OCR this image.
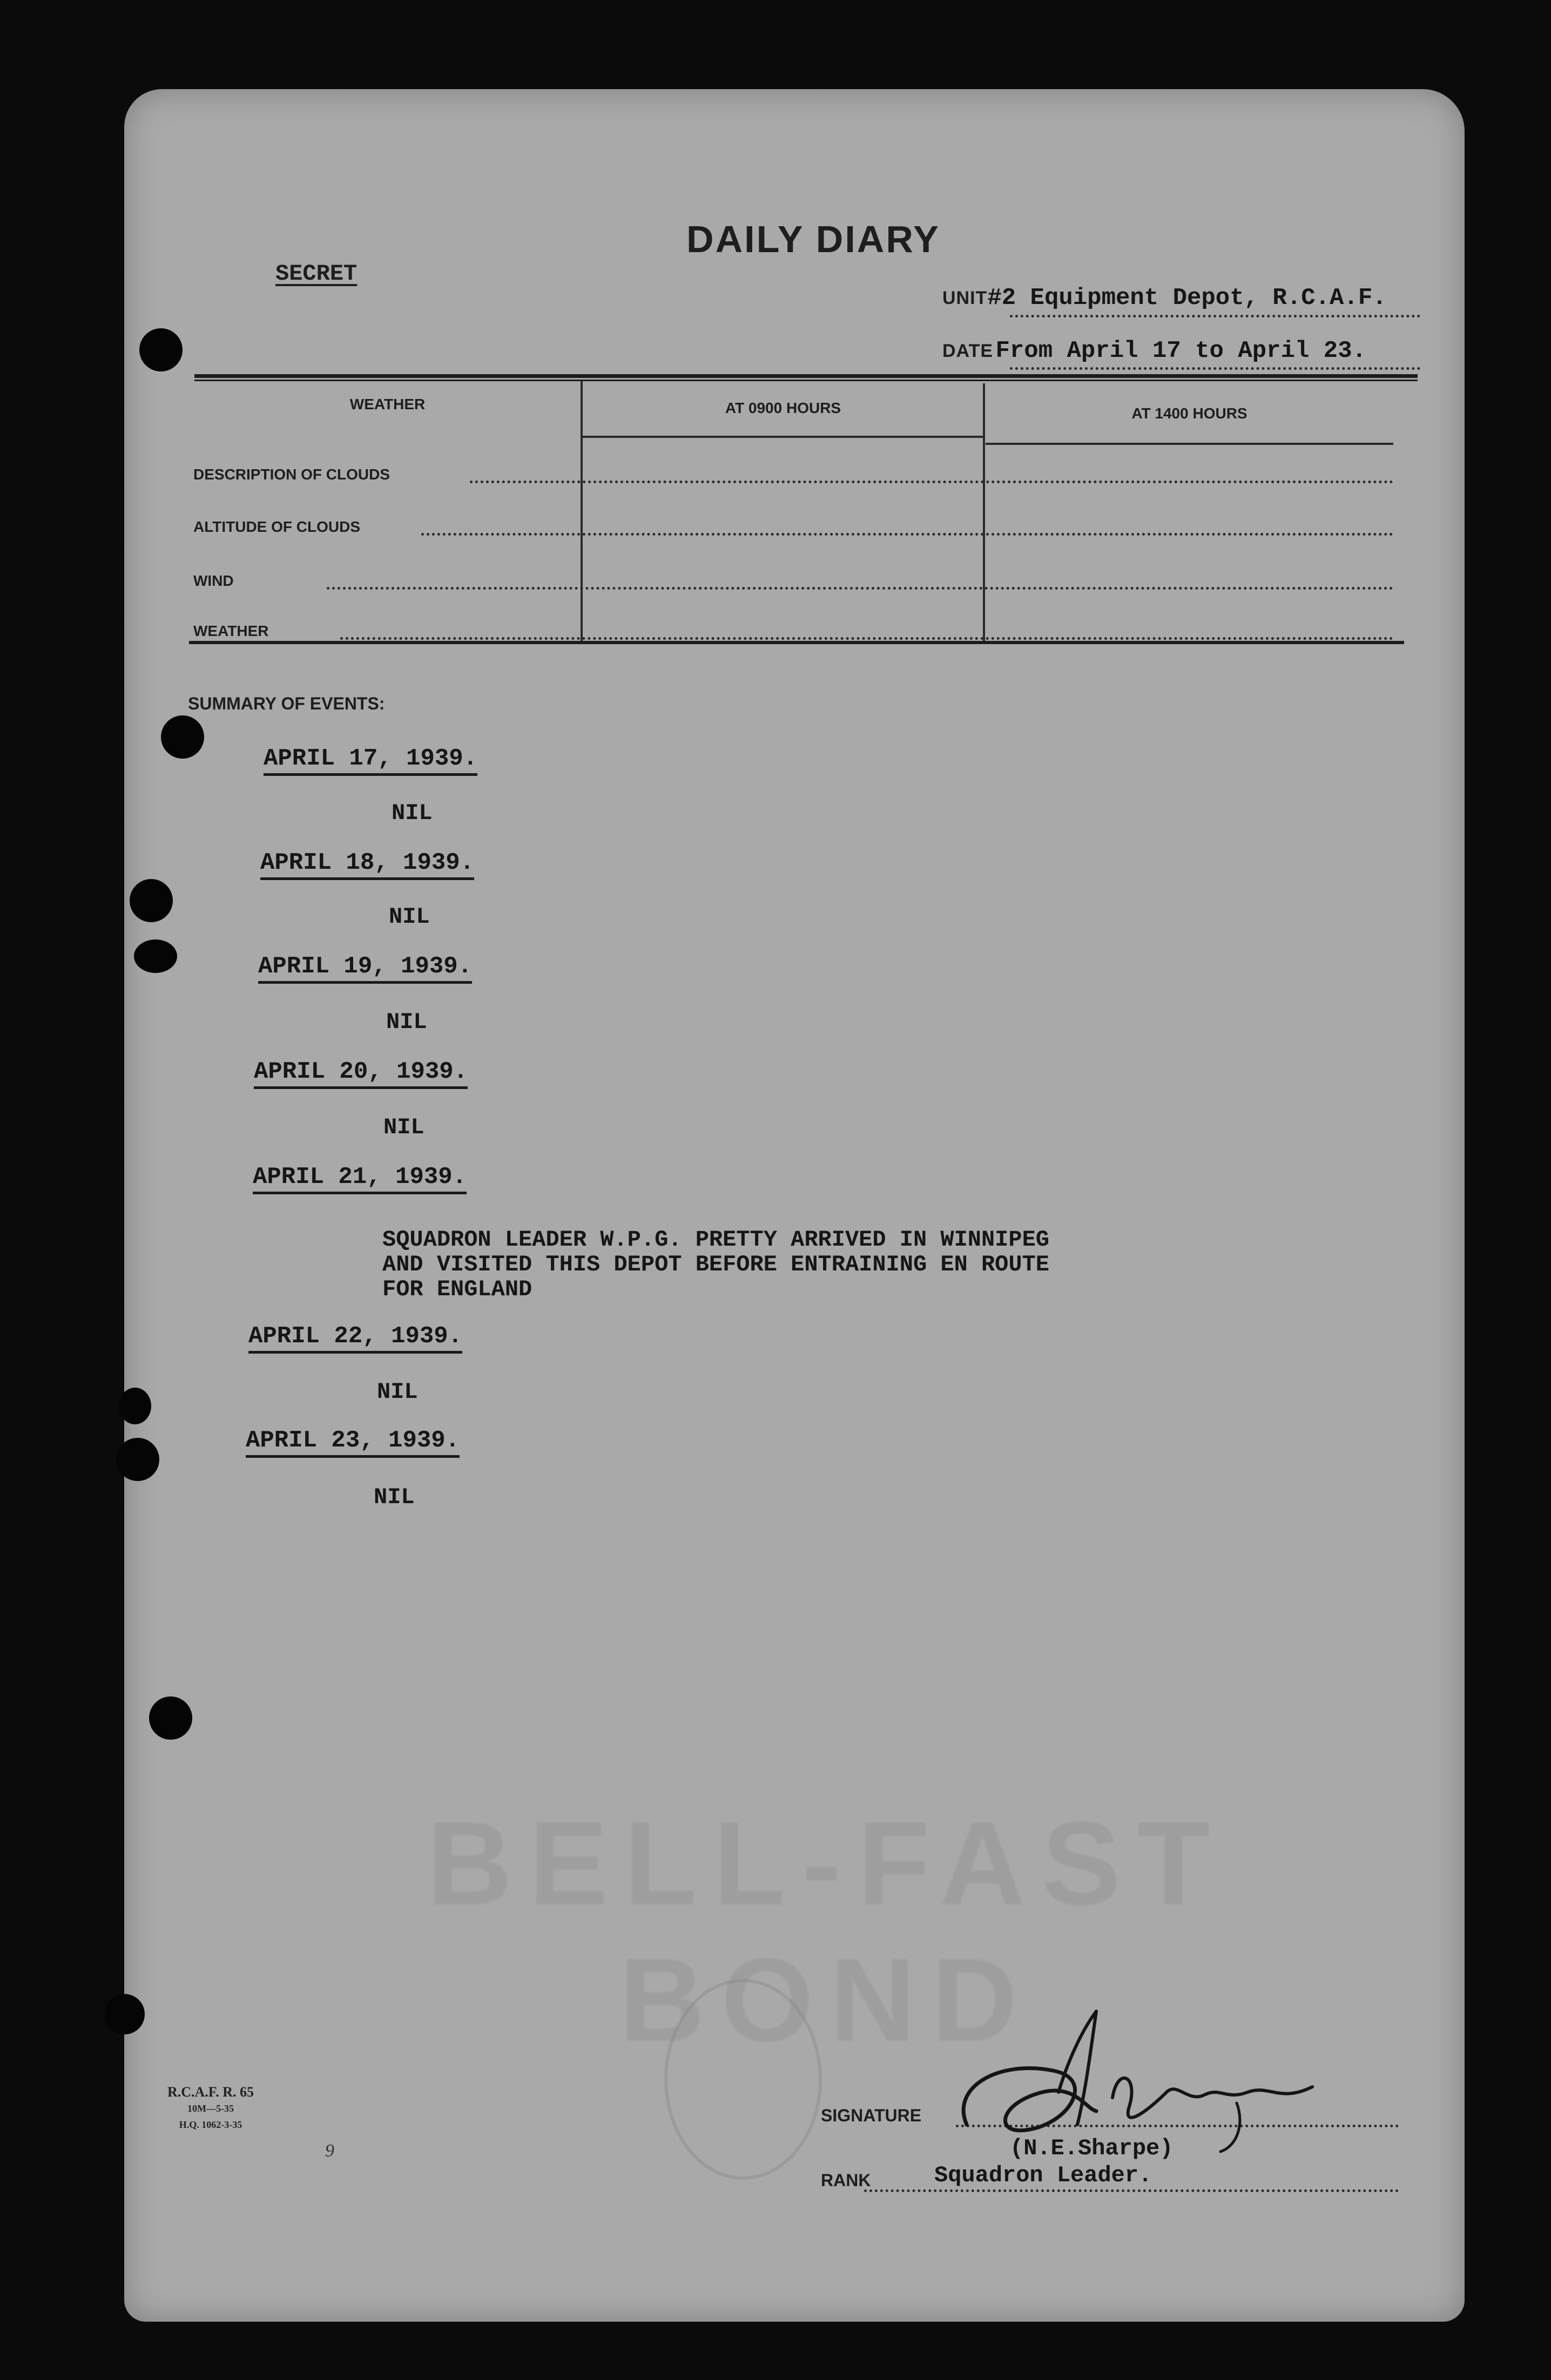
DAILY DIARY
SECRET
UNIT#2 Equipment Depot, R.C.A.F.
DATE From April 17 to April 23.
WEATHER	AT 0900 HOURS	AT 1400 HOURS
DESCRIPTION OF CLOUDS
ALTITUDE OF CLOUDS
WIND
WEATHER
SUMMARY OF EVENTS:
APRIL 17, 1939.
NIL
APRIL 18, 1939.
NIL
APRIL 19, 1939.
NIL
APRIL 20, 1939.
NIL
APRIL 21, 1939.
SQUADRON LEADER W.P.G. PRETTY ARRIVED IN WINNIPEG
AND VISITED THIS DEPOT BEFORE ENTRAINING EN ROUTE
FOR ENGLAND
APRIL 22, 1939.
NIL
APRIL 23, 1939.
NIL
BELL-FAST BOND
R.C.A.F. R. 65
10M—5-35
H.Q. 1062-3-35
9
SIGNATURE
(N.E.Sharpe)
RANK	Squadron Leader.
